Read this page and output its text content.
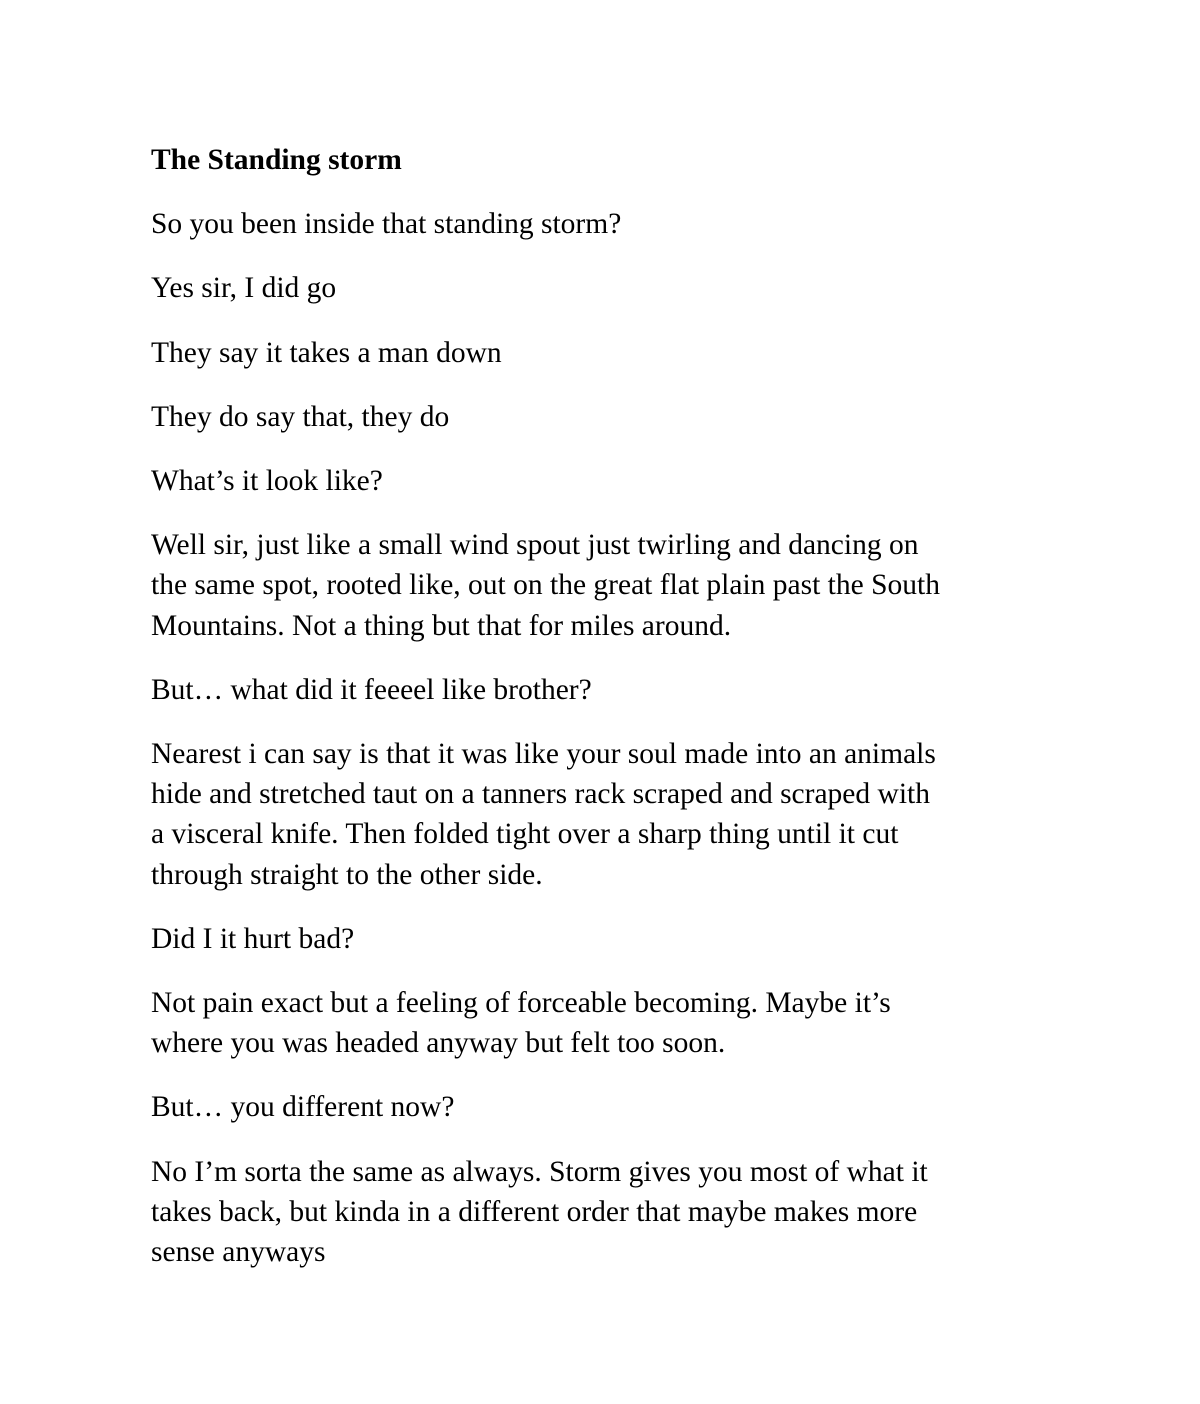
The Standing storm
So you been inside that standing storm?
Yes sir, I did go
They say it takes a man down
They do say that, they do
What’s it look like?
Well sir, just like a small wind spout just twirling and dancing on
the same spot, rooted like, out on the great flat plain past the South
Mountains. Not a thing but that for miles around.
But… what did it feeeel like brother?
Nearest i can say is that it was like your soul made into an animals
hide and stretched taut on a tanners rack scraped and scraped with
a visceral knife. Then folded tight over a sharp thing until it cut
through straight to the other side.
Did I it hurt bad?
Not pain exact but a feeling of forceable becoming. Maybe it’s
where you was headed anyway but felt too soon.
But… you different now?
No I’m sorta the same as always. Storm gives you most of what it
takes back, but kinda in a different order that maybe makes more
sense anyways
